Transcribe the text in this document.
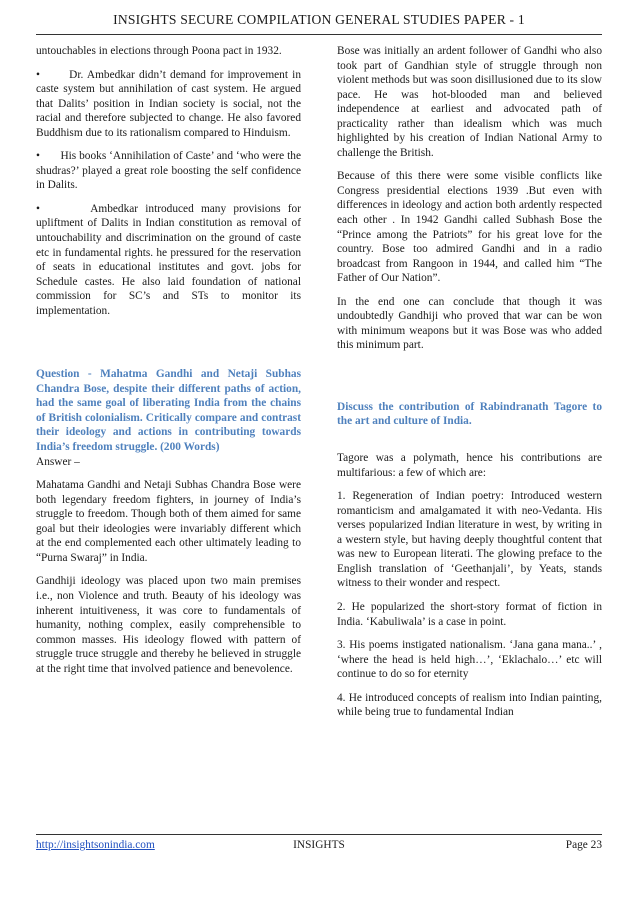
INSIGHTS SECURE COMPILATION GENERAL STUDIES PAPER - 1

untouchables in elections through Poona pact in 1932.

•       Dr. Ambedkar didn’t demand for improvement in caste system but annihilation of cast system. He argued that Dalits’ position in Indian society is social, not the racial and therefore subjected to change. He also favored Buddhism due to its rationalism compared to Hinduism.

•       His books ‘Annihilation of Caste’ and ‘who were the shudras?’ played a great role boosting the self confidence in Dalits.

•       Ambedkar introduced many provisions for upliftment of Dalits in Indian constitution as removal of untouchability and discrimination on the ground of caste etc in fundamental rights. he pressured for the reservation of seats in educational institutes and govt. jobs for Schedule castes. He also laid foundation of national commission for SC’s and STs to monitor its implementation.

Question - Mahatma Gandhi and Netaji Subhas Chandra Bose, despite their different paths of action, had the same goal of liberating India from the chains of British colonialism. Critically compare and contrast their ideology and actions in contributing towards India’s freedom struggle. (200 Words)

Answer –

Mahatama Gandhi and Netaji Subhas Chandra Bose were both legendary freedom fighters, in journey of India’s struggle to freedom. Though both of them aimed for same goal but their ideologies were invariably different which at the end complemented each other ultimately leading to “Purna Swaraj” in India.

Gandhiji ideology was placed upon two main premises i.e., non Violence and truth. Beauty of his ideology was inherent intuitiveness, it was core to fundamentals of humanity, nothing complex, easily comprehensible to common masses. His ideology flowed with pattern of struggle truce struggle and thereby he believed in struggle at the right time that involved patience and benevolence.

Bose was initially an ardent follower of Gandhi who also took part of Gandhian style of struggle through non violent methods but was soon disillusioned due to its slow pace. He was hot-blooded man and believed independence at earliest and advocated path of practicality rather than idealism which was much highlighted by his creation of Indian National Army to challenge the British.

Because of this there were some visible conflicts like Congress presidential elections 1939 .But even with differences in ideology and action both ardently respected each other . In 1942 Gandhi called Subhash Bose the “Prince among the Patriots” for his great love for the country. Bose too admired Gandhi and in a radio broadcast from Rangoon in 1944, and called him “The Father of Our Nation”.

In the end one can conclude that though it was undoubtedly Gandhiji who proved that war can be won with minimum weapons but it was Bose was who added this minimum part.

Discuss the contribution of Rabindranath Tagore to the art and culture of India.

Tagore was a polymath, hence his contributions are multifarious: a few of which are:

1. Regeneration of Indian poetry: Introduced western romanticism and amalgamated it with neo-Vedanta. His verses popularized Indian literature in west, by writing in a western style, but having deeply thoughtful content that was new to European literati. The glowing preface to the English translation of ‘Geethanjali’, by Yeats, stands witness to their wonder and respect.

2. He popularized the short-story format of fiction in India. ‘Kabuliwala’ is a case in point.

3. His poems instigated nationalism. ‘Jana gana mana..’ , ‘where the head is held high…’, ‘Eklachalo…’ etc will continue to do so for eternity

4. He introduced concepts of realism into Indian painting, while being true to fundamental Indian

INSIGHTS
http://insightsonindia.com	Page 23
